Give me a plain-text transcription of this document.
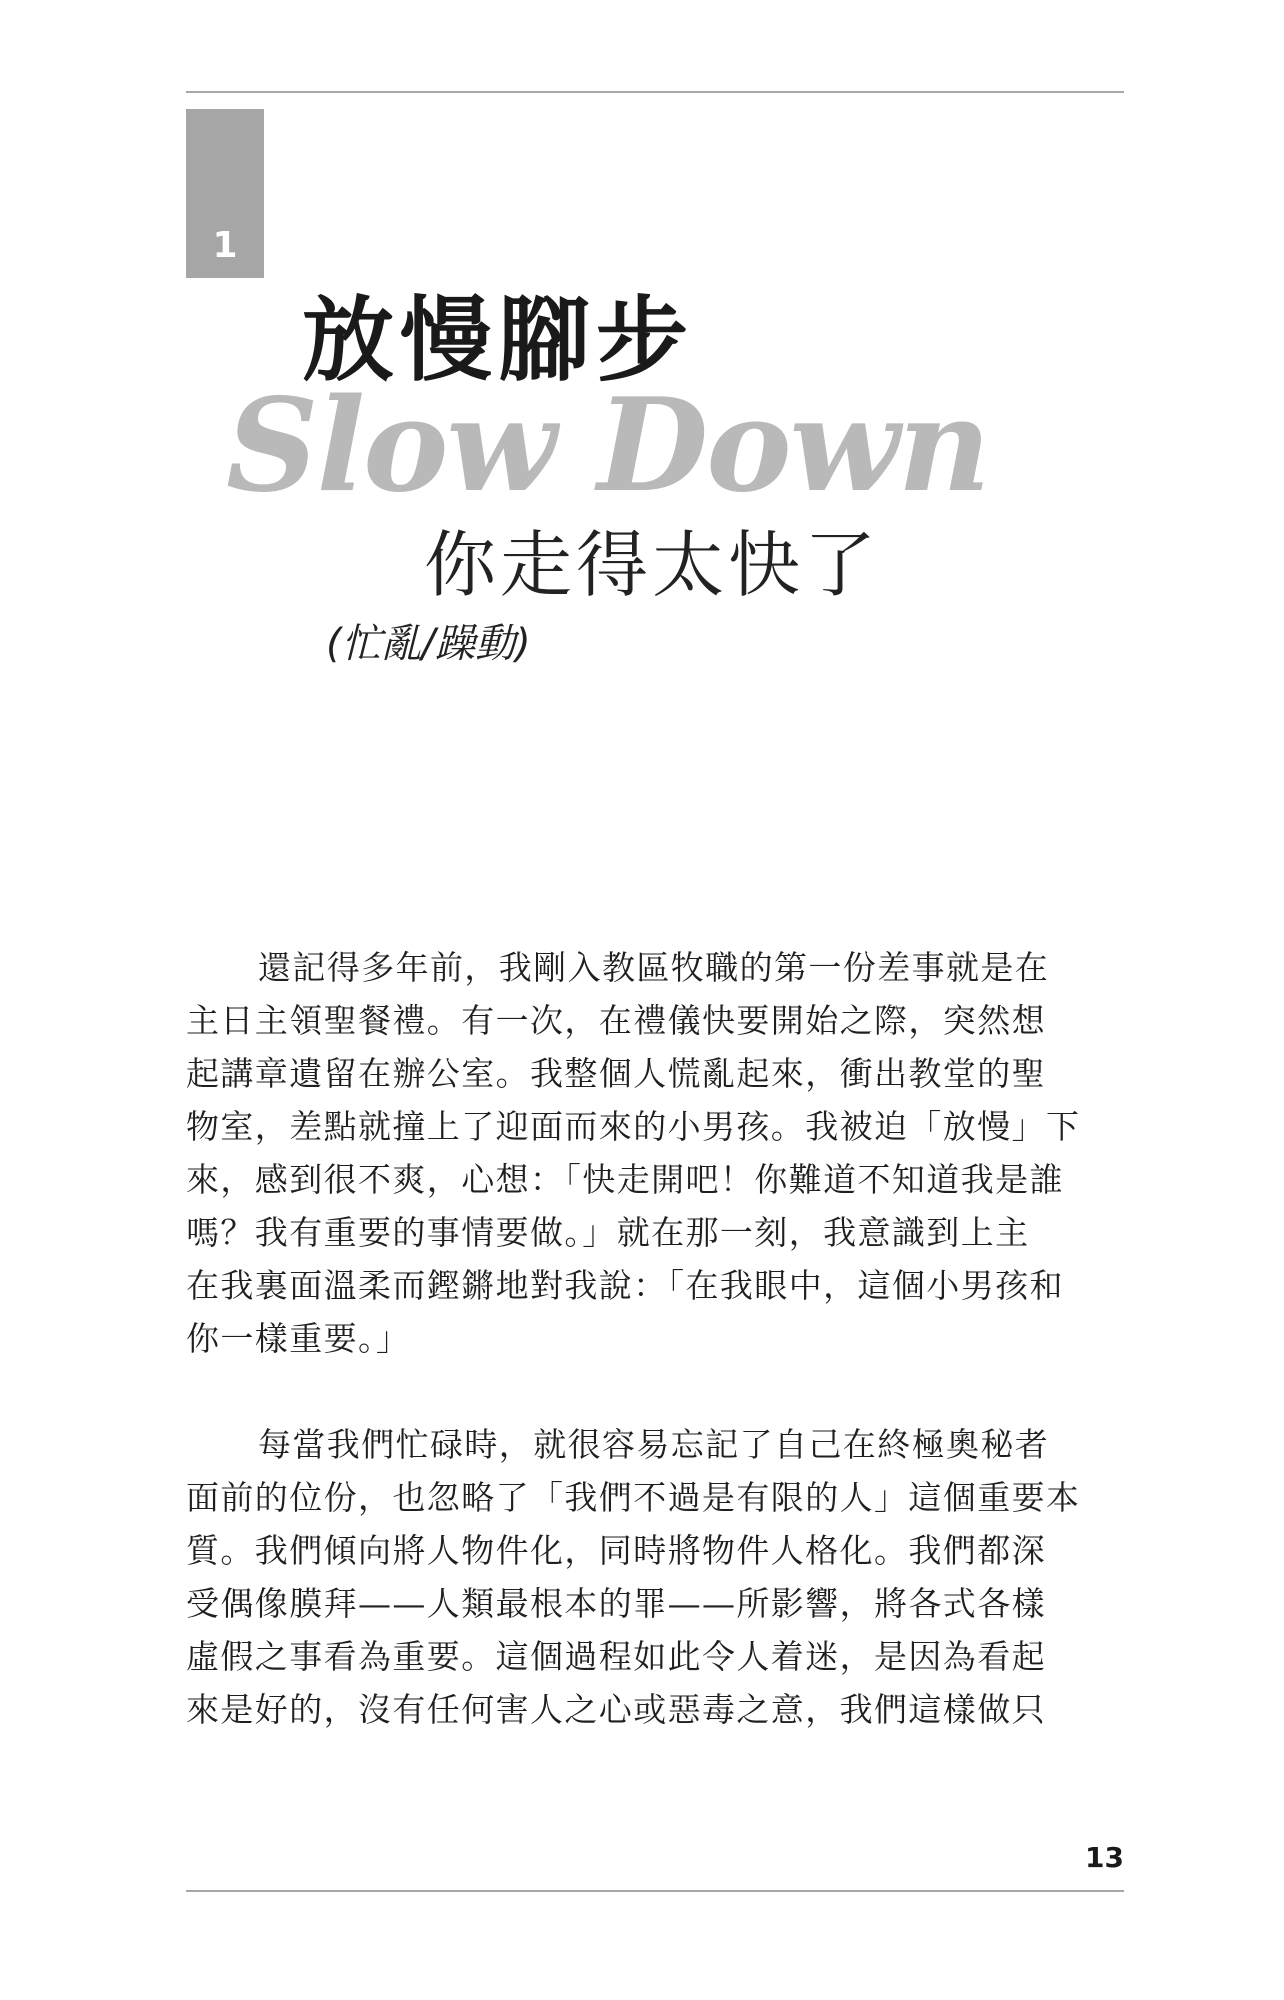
1
Slow Down
放慢腳步
你走得太快了
(忙亂/躁動)
還記得多年前，我剛入教區牧職的第一份差事就是在
主日主領聖餐禮。有一次，在禮儀快要開始之際，突然想
起講章遺留在辦公室。我整個人慌亂起來，衝出教堂的聖
物室，差點就撞上了迎面而來的小男孩。我被迫「放慢」下
來，感到很不爽，心想：「快走開吧！你難道不知道我是誰
嗎？我有重要的事情要做。」就在那一刻，我意識到上主
在我裏面溫柔而鏗鏘地對我說：「在我眼中，這個小男孩和
你一樣重要。」
每當我們忙碌時，就很容易忘記了自己在終極奧秘者
面前的位份，也忽略了「我們不過是有限的人」這個重要本
質。我們傾向將人物件化，同時將物件人格化。我們都深
受偶像膜拜——人類最根本的罪——所影響，將各式各樣
虛假之事看為重要。這個過程如此令人着迷，是因為看起
來是好的，沒有任何害人之心或惡毒之意，我們這樣做只
13
